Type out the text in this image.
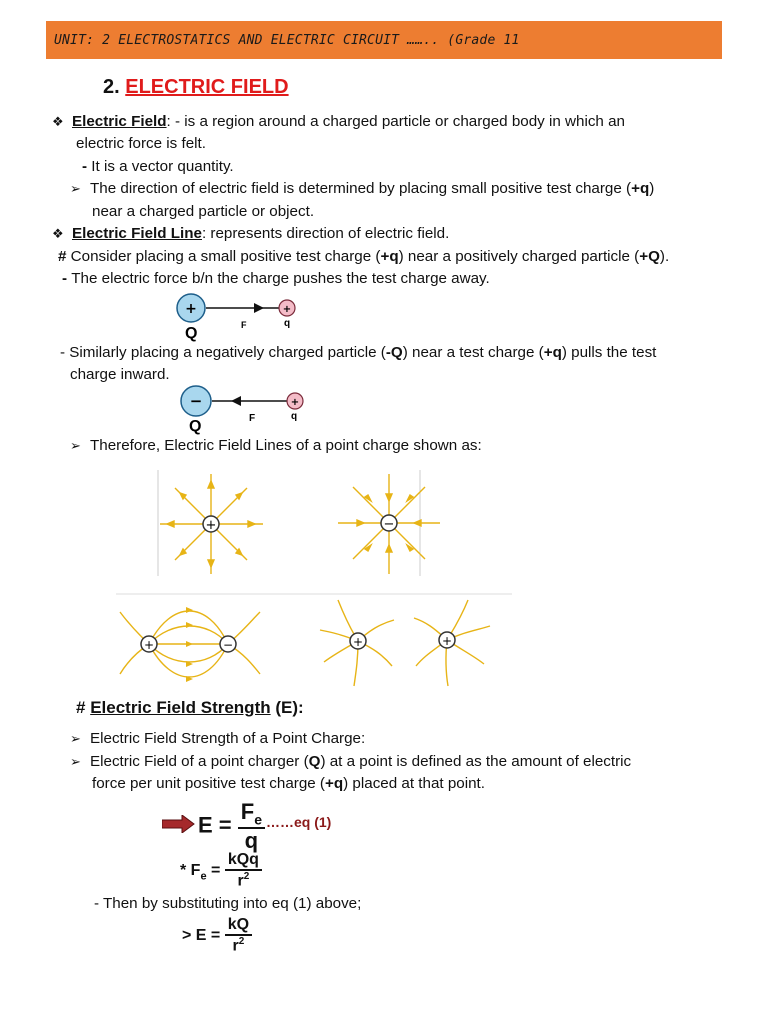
UNIT: 2 ELECTROSTATICS AND ELECTRIC CIRCUIT …….. (Grade 11
2. ELECTRIC FIELD
❖ Electric Field: - is a region around a charged particle or charged body in which an
electric force is felt.
- It is a vector quantity.
➢ The direction of electric field is determined by placing small positive test charge (+q)
near a charged particle or object.
❖ Electric Field Line: represents direction of electric field.
# Consider placing a small positive test charge (+q) near a positively charged particle (+Q).
- The electric force b/n the charge pushes the test charge away.
+	+
Q	F	q
- Similarly placing a negatively charged particle (-Q) near a test charge (+q) pulls the test
charge inward.
−	+
Q	F	q
➢ Therefore, Electric Field Lines of a point charge shown as:
+	−
+	−	+	+
# Electric Field Strength (E):
➢ Electric Field Strength of a Point Charge:
➢ Electric Field of a point charger (Q) at a point is defined as the amount of electric
force per unit positive test charge (+q) placed at that point.
$E = \frac{F_e}{q}$ ……eq (1)
* $F_e = \frac{\text{kQq}}{r^2}$
- Then by substituting into eq (1) above;
> $E = \frac{kQ}{r^2}$
